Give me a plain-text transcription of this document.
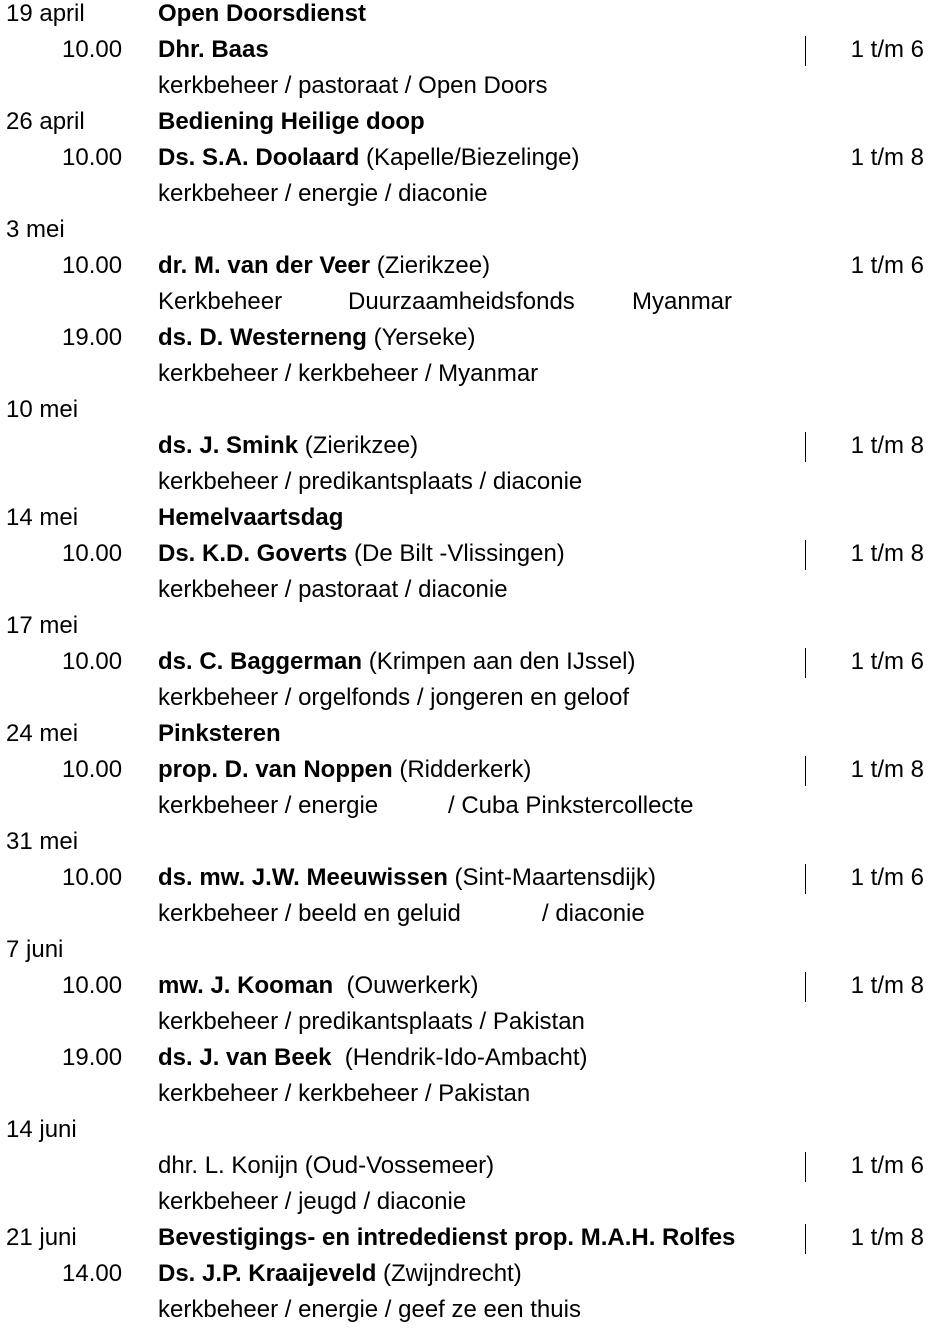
19 april	Open Doorsdienst
10.00 Dhr. Baas	1 t/m 6
kerkbeheer / pastoraat / Open Doors
26 april	Bediening Heilige doop
10.00 Ds. S.A. Doolaard (Kapelle/Biezelinge)	1 t/m 8
kerkbeheer / energie / diaconie
3 mei
10.00 dr. M. van der Veer (Zierikzee)	1 t/m 6
Kerkbeheer	Duurzaamheidsfonds Myanmar
19.00 ds. D. Westerneng (Yerseke)
kerkbeheer / kerkbeheer / Myanmar
10 mei
ds. J. Smink (Zierikzee)	1 t/m 8
kerkbeheer / predikantsplaats / diaconie
14 mei	Hemelvaartsdag
10.00 Ds. K.D. Goverts (De Bilt -Vlissingen)	1 t/m 8
kerkbeheer / pastoraat / diaconie
17 mei
10.00 ds. C. Baggerman (Krimpen aan den IJssel)	1 t/m 6
kerkbeheer / orgelfonds / jongeren en geloof
24 mei	Pinksteren
10.00 prop. D. van Noppen (Ridderkerk)	1 t/m 8
kerkbeheer / energie	/ Cuba Pinkstercollecte
31 mei
10.00 ds. mw. J.W. Meeuwissen (Sint-Maartensdijk)	1 t/m 6
kerkbeheer / beeld en geluid	/ diaconie
7 juni
10.00 mw. J. Kooman  (Ouwerkerk)	1 t/m 8
kerkbeheer / predikantsplaats / Pakistan
19.00 ds. J. van Beek  (Hendrik-Ido-Ambacht)
kerkbeheer / kerkbeheer / Pakistan
14 juni
dhr. L. Konijn (Oud-Vossemeer)	1 t/m 6
kerkbeheer / jeugd / diaconie
21 juni	Bevestigings- en intrededienst prop. M.A.H. Rolfes	1 t/m 8
14.00 Ds. J.P. Kraaijeveld (Zwijndrecht)
kerkbeheer / energie / geef ze een thuis
